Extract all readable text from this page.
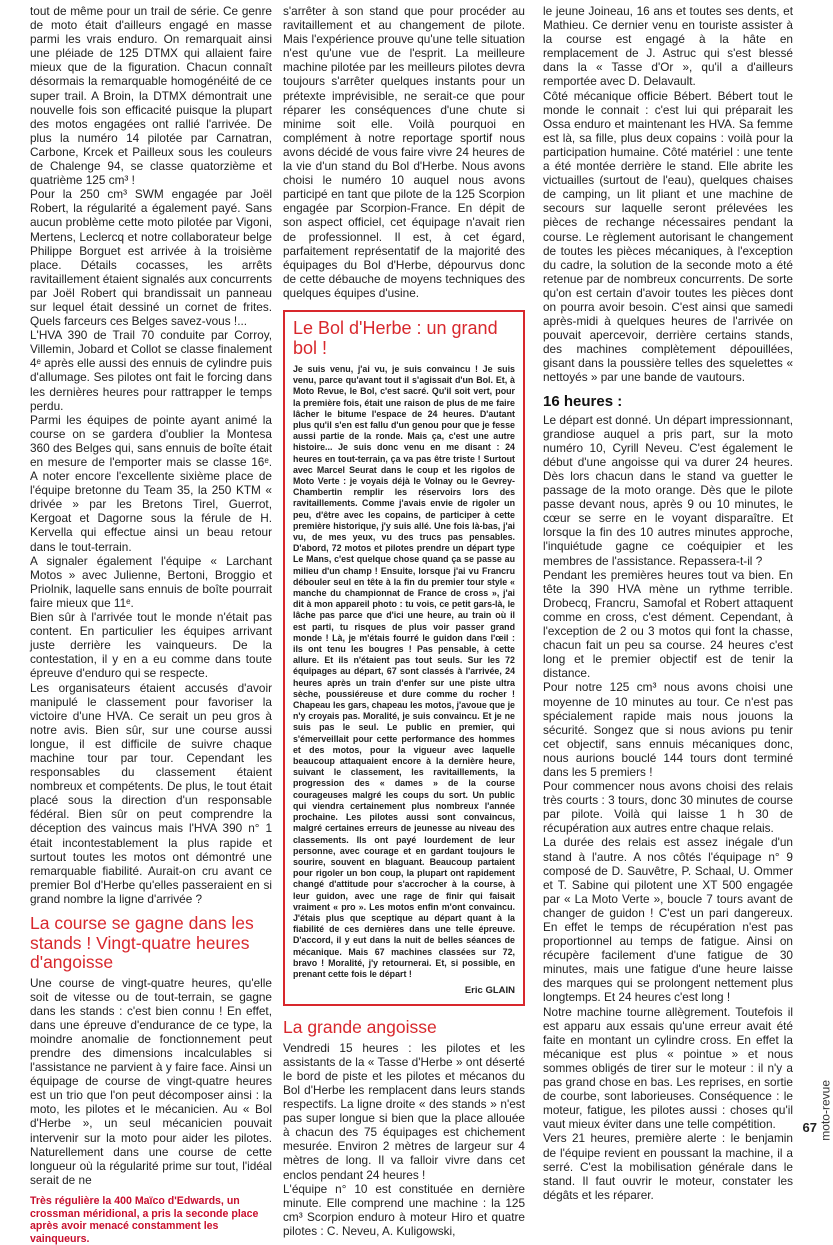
tout de même pour un trail de série. Ce genre de moto était d'ailleurs engagé en masse parmi les vrais enduro. On remarquait ainsi une pléiade de 125 DTMX qui allaient faire mieux que de la figuration. Chacun connaît désormais la remarquable homogénéité de ce super trail. A Broin, la DTMX démontrait une nouvelle fois son efficacité puisque la plupart des motos engagées ont rallié l'arrivée. De plus la numéro 14 pilotée par Carnatran, Carbone, Krcek et Pailleux sous les couleurs de Chalenge 94, se classe quatorzième et quatrième 125 cm³ !

Pour la 250 cm³ SWM engagée par Joël Robert, la régularité a également payé. Sans aucun problème cette moto pilotée par Vigoni, Mertens, Leclercq et notre collaborateur belge Philippe Borguet est arrivée à la troisième place. Détails cocasses, les arrêts ravitaillement étaient signalés aux concurrents par Joël Robert qui brandissait un panneau sur lequel était dessiné un cornet de frites. Quels farceurs ces Belges savez-vous !...

L'HVA 390 de Trail 70 conduite par Corroy, Villemin, Jobard et Collot se classe finalement 4ᵉ après elle aussi des ennuis de cylindre puis d'allumage. Ses pilotes ont fait le forcing dans les dernières heures pour rattrapper le temps perdu.

Parmi les équipes de pointe ayant animé la course on se gardera d'oublier la Montesa 360 des Belges qui, sans ennuis de boîte était en mesure de l'emporter mais se classe 16ᵉ. A noter encore l'excellente sixième place de l'équipe bretonne du Team 35, la 250 KTM « drivée » par les Bretons Tirel, Guerrot, Kergoat et Dagorne sous la férule de H. Kervella qui effectue ainsi un beau retour dans le tout-terrain.

A signaler également l'équipe « Larchant Motos » avec Julienne, Bertoni, Broggio et Priolnik, laquelle sans ennuis de boîte pourrait faire mieux que 11ᵉ.

Bien sûr à l'arrivée tout le monde n'était pas content. En particulier les équipes arrivant juste derrière les vainqueurs. De la contestation, il y en a eu comme dans toute épreuve d'enduro qui se respecte.

Les organisateurs étaient accusés d'avoir manipulé le classement pour favoriser la victoire d'une HVA. Ce serait un peu gros à notre avis. Bien sûr, sur une course aussi longue, il est difficile de suivre chaque machine tour par tour. Cependant les responsables du classement étaient nombreux et compétents. De plus, le tout était placé sous la direction d'un responsable fédéral. Bien sûr on peut comprendre la déception des vaincus mais l'HVA 390 n° 1 était incontestablement la plus rapide et surtout toutes les motos ont démontré une remarquable fiabilité. Aurait-on cru avant ce premier Bol d'Herbe qu'elles passeraient en si grand nombre la ligne d'arrivée ?

La course se gagne dans les stands ! Vingt-quatre heures d'angoisse

Une course de vingt-quatre heures, qu'elle soit de vitesse ou de tout-terrain, se gagne dans les stands : c'est bien connu ! En effet, dans une épreuve d'endurance de ce type, la moindre anomalie de fonctionnement peut prendre des dimensions incalculables si l'assistance ne parvient à y faire face. Ainsi un équipage de course de vingt-quatre heures est un trio que l'on peut décomposer ainsi : la moto, les pilotes et le mécanicien. Au « Bol d'Herbe », un seul mécanicien pouvait intervenir sur la moto pour aider les pilotes. Naturellement dans une course de cette longueur où la régularité prime sur tout, l'idéal serait de ne

Très régulière la 400 Maïco d'Edwards, un crossman méridional, a pris la seconde place après avoir menacé constamment les vainqueurs.

s'arrêter à son stand que pour procéder au ravitaillement et au changement de pilote. Mais l'expérience prouve qu'une telle situation n'est qu'une vue de l'esprit. La meilleure machine pilotée par les meilleurs pilotes devra toujours s'arrêter quelques instants pour un prétexte imprévisible, ne serait-ce que pour réparer les conséquences d'une chute si minime soit elle. Voilà pourquoi en complément à notre reportage sportif nous avons décidé de vous faire vivre 24 heures de la vie d'un stand du Bol d'Herbe. Nous avons choisi le numéro 10 auquel nous avons participé en tant que pilote de la 125 Scorpion engagée par Scorpion-France. En dépit de son aspect officiel, cet équipage n'avait rien de professionnel. Il est, à cet égard, parfaitement représentatif de la majorité des équipages du Bol d'Herbe, dépourvus donc de cette débauche de moyens techniques des quelques équipes d'usine.

Le Bol d'Herbe : un grand bol !
Je suis venu, j'ai vu, je suis convaincu ! Je suis venu, parce qu'avant tout il s'agissait d'un Bol. Et, à Moto Revue, le Bol, c'est sacré. Qu'il soit vert, pour la première fois, était une raison de plus de me faire lâcher le bitume l'espace de 24 heures. D'autant plus qu'il s'en est fallu d'un genou pour que je fesse aussi partie de la ronde. Mais ça, c'est une autre histoire... Je suis donc venu en me disant : 24 heures en tout-terrain, ça va pas être triste ! Surtout avec Marcel Seurat dans le coup et les rigolos de Moto Verte : je voyais déjà le Volnay ou le Gevrey-Chambertin remplir les réservoirs lors des ravitaillements. Comme j'avais envie de rigoler un peu, d'être avec les copains, de participer à cette première historique, j'y suis allé. Une fois là-bas, j'ai vu, de mes yeux, vu des trucs pas pensables. D'abord, 72 motos et pilotes prendre un départ type Le Mans, c'est quelque chose quand ça se passe au milieu d'un champ ! Ensuite, lorsque j'ai vu Francru débouler seul en tête à la fin du premier tour style « manche du championnat de France de cross », j'ai dit à mon appareil photo : tu vois, ce petit gars-là, le lâche pas parce que d'ici une heure, au train où il est parti, tu risques de plus voir passer grand monde ! Là, je m'étais fourré le guidon dans l'œil : ils ont tenu les bougres ! Pas pensable, à cette allure. Et ils n'étaient pas tout seuls. Sur les 72 équipages au départ, 67 sont classés à l'arrivée, 24 heures après un train d'enfer sur une piste ultra sèche, poussiéreuse et dure comme du rocher ! Chapeau les gars, chapeau les motos, j'avoue que je n'y croyais pas. Moralité, je suis convaincu. Et je ne suis pas le seul. Le public en premier, qui s'émerveillait pour cette performance des hommes et des motos, pour la vigueur avec laquelle beaucoup attaquaient encore à la dernière heure, suivant le classement, les ravitaillements, la progression des « dames » de la course courageuses malgré les coups du sort. Un public qui viendra certainement plus nombreux l'année prochaine. Les pilotes aussi sont convaincus, malgré certaines erreurs de jeunesse au niveau des classements. Ils ont payé lourdement de leur personne, avec courage et en gardant toujours le sourire, souvent en blaguant. Beaucoup partaient pour rigoler un bon coup, la plupart ont rapidement changé d'attitude pour s'accrocher à la course, à leur guidon, avec une rage de finir qui faisait vraiment « pro ». Les motos enfin m'ont convaincu. J'étais plus que sceptique au départ quant à la fiabilité de ces dernières dans une telle épreuve. D'accord, il y eut dans la nuit de belles séances de mécanique. Mais 67 machines classées sur 72, bravo ! Moralité, j'y retournerai. Et, si possible, en prenant cette fois le départ !
Eric GLAIN
La grande angoisse

Vendredi 15 heures : les pilotes et les assistants de la « Tasse d'Herbe » ont déserté le bord de piste et les pilotes et mécanos du Bol d'Herbe les remplacent dans leurs stands respectifs. La ligne droite « des stands » n'est pas super longue si bien que la place allouée à chacun des 75 équipages est chichement mesurée. Environ 2 mètres de largeur sur 4 mètres de long. Il va falloir vivre dans cet enclos pendant 24 heures !

L'équipe n° 10 est constituée en dernière minute. Elle comprend une machine : la 125 cm³ Scorpion enduro à moteur Hiro et quatre pilotes : C. Neveu, A. Kuligowski,

le jeune Joineau, 16 ans et toutes ses dents, et Mathieu. Ce dernier venu en touriste assister à la course est engagé à la hâte en remplacement de J. Astruc qui s'est blessé dans la « Tasse d'Or », qu'il a d'ailleurs remportée avec D. Delavault.

Côté mécanique officie Bébert. Bébert tout le monde le connait : c'est lui qui préparait les Ossa enduro et maintenant les HVA. Sa femme est là, sa fille, plus deux copains : voilà pour la participation humaine. Côté matériel : une tente a été montée derrière le stand. Elle abrite les victuailles (surtout de l'eau), quelques chaises de camping, un lit pliant et une machine de secours sur laquelle seront prélevées les pièces de rechange nécessaires pendant la course. Le règlement autorisant le changement de toutes les pièces mécaniques, à l'exception du cadre, la solution de la seconde moto a été retenue par de nombreux concurrents. De sorte qu'on est certain d'avoir toutes les pièces dont on pourra avoir besoin. C'est ainsi que samedi après-midi à quelques heures de l'arrivée on pouvait apercevoir, derrière certains stands, des machines complètement dépouillées, gisant dans la poussière telles des squelettes « nettoyés » par une bande de vautours.

16 heures :

Le départ est donné. Un départ impressionnant, grandiose auquel a pris part, sur la moto numéro 10, Cyrill Neveu. C'est également le début d'une angoisse qui va durer 24 heures. Dès lors chacun dans le stand va guetter le passage de la moto orange. Dès que le pilote passe devant nous, après 9 ou 10 minutes, le cœur se serre en le voyant disparaître. Et lorsque la fin des 10 autres minutes approche, l'inquiétude gagne ce coéquipier et les membres de l'assistance. Repassera-t-il ?

Pendant les premières heures tout va bien. En tête la 390 HVA mène un rythme terrible. Drobecq, Francru, Samofal et Robert attaquent comme en cross, c'est dément. Cependant, à l'exception de 2 ou 3 motos qui font la chasse, chacun fait un peu sa course. 24 heures c'est long et le premier objectif est de tenir la distance.

Pour notre 125 cm³ nous avons choisi une moyenne de 10 minutes au tour. Ce n'est pas spécialement rapide mais nous jouons la sécurité. Songez que si nous avions pu tenir cet objectif, sans ennuis mécaniques donc, nous aurions bouclé 144 tours dont terminé dans les 5 premiers !

Pour commencer nous avons choisi des relais très courts : 3 tours, donc 30 minutes de course par pilote. Voilà qui laisse 1 h 30 de récupération aux autres entre chaque relais.

La durée des relais est assez inégale d'un stand à l'autre. A nos côtés l'équipage n° 9 composé de D. Sauvêtre, P. Schaal, U. Ommer et T. Sabine qui pilotent une XT 500 engagée par « La Moto Verte », boucle 7 tours avant de changer de guidon ! C'est un pari dangereux. En effet le temps de récupération n'est pas proportionnel au temps de fatigue. Ainsi on récupère facilement d'une fatigue de 30 minutes, mais une fatigue d'une heure laisse des marques qui se prolongent nettement plus longtemps. Et 24 heures c'est long !

Notre machine tourne allègrement. Toutefois il est apparu aux essais qu'une erreur avait été faite en montant un cylindre cross. En effet la mécanique est plus « pointue » et nous sommes obligés de tirer sur le moteur : il n'y a pas grand chose en bas. Les reprises, en sortie de courbe, sont laborieuses. Conséquence : le moteur, fatigue, les pilotes aussi : choses qu'il vaut mieux éviter dans une telle compétition.

Vers 21 heures, première alerte : le benjamin de l'équipe revient en poussant la machine, il a serré. C'est la mobilisation générale dans le stand. Il faut ouvrir le moteur, constater les dégâts et les réparer.

moto-revue
67
